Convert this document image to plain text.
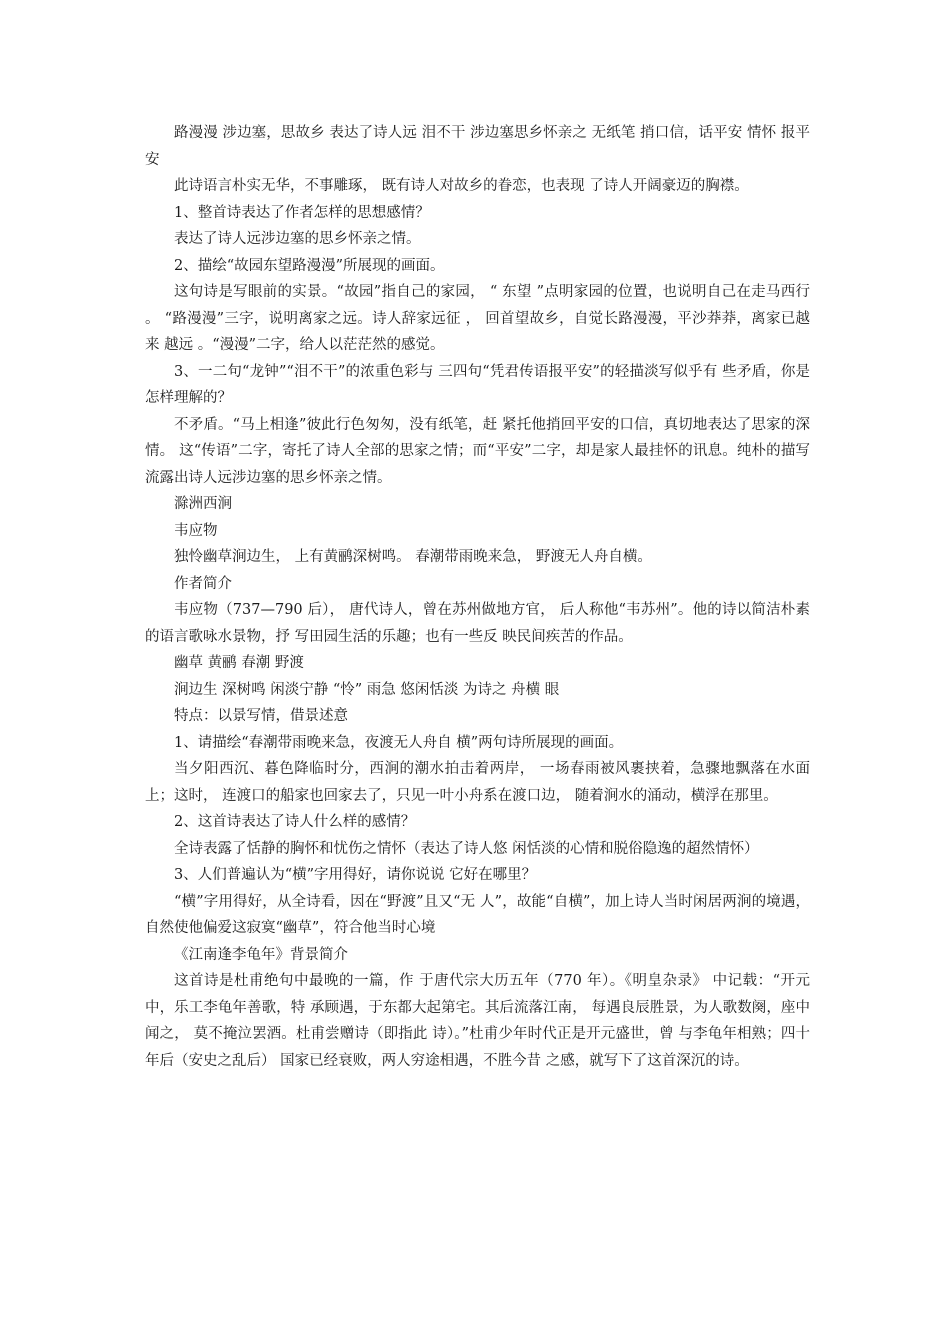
路漫漫 涉边塞，思故乡 表达了诗人远 泪不干 涉边塞思乡怀亲之 无纸笔 捎口信，话平安 情怀 报平安

此诗语言朴实无华，不事雕琢， 既有诗人对故乡的眷恋，也表现 了诗人开阔豪迈的胸襟。

1、整首诗表达了作者怎样的思想感情？

表达了诗人远涉边塞的思乡怀亲之情。

2、描绘“故园东望路漫漫”所展现的画面。

这句诗是写眼前的实景。“故园”指自己的家园， “ 东望 ”点明家园的位置，也说明自己在走马西行 。 “路漫漫”三字，说明离家之远。诗人辞家远征 ， 回首望故乡，自觉长路漫漫，平沙莽莽，离家已越来 越远 。“漫漫”二字，给人以茫茫然的感觉。

3、一二句“龙钟”“泪不干”的浓重色彩与 三四句“凭君传语报平安”的轻描淡写似乎有 些矛盾，你是怎样理解的？

不矛盾。“马上相逢”彼此行色匆匆，没有纸笔，赶 紧托他捎回平安的口信，真切地表达了思家的深情。 这“传语”二字，寄托了诗人全部的思家之情；而“平安”二字，却是家人最挂怀的讯息。纯朴的描写 流露出诗人远涉边塞的思乡怀亲之情。

滁洲西涧

韦应物

独怜幽草涧边生， 上有黄鹂深树鸣。 春潮带雨晚来急， 野渡无人舟自横。

作者简介

韦应物（737—790 后）， 唐代诗人，曾在苏州做地方官， 后人称他“韦苏州”。他的诗以简洁朴素的语言歌咏水景物，抒 写田园生活的乐趣；也有一些反 映民间疾苦的作品。

幽草 黄鹂 春潮 野渡

涧边生 深树鸣 闲淡宁静 “怜” 雨急 悠闲恬淡 为诗之 舟横 眼

特点：以景写情，借景述意

1、请描绘“春潮带雨晚来急，夜渡无人舟自 横”两句诗所展现的画面。

当夕阳西沉、暮色降临时分，西涧的潮水拍击着两岸， 一场春雨被风裹挟着，急骤地飘落在水面上；这时， 连渡口的船家也回家去了，只见一叶小舟系在渡口边， 随着涧水的涌动，横浮在那里。

2、这首诗表达了诗人什么样的感情？

全诗表露了恬静的胸怀和忧伤之情怀（表达了诗人悠 闲恬淡的心情和脱俗隐逸的超然情怀）

3、人们普遍认为“横”字用得好，请你说说 它好在哪里？

“横”字用得好，从全诗看，因在“野渡”且又“无 人”，故能“自横”，加上诗人当时闲居两涧的境遇， 自然使他偏爱这寂寞“幽草”，符合他当时心境

《江南逢李龟年》背景简介

这首诗是杜甫绝句中最晚的一篇，作 于唐代宗大历五年（770 年）。《明皇杂录》 中记载：“开元中，乐工李龟年善歌，特 承顾遇，于东都大起第宅。其后流落江南， 每遇良辰胜景，为人歌数阕，座中闻之， 莫不掩泣罢酒。杜甫尝赠诗（即指此 诗）。”杜甫少年时代正是开元盛世，曾 与李龟年相熟；四十年后（安史之乱后） 国家已经衰败，两人穷途相遇，不胜今昔 之感，就写下了这首深沉的诗。
